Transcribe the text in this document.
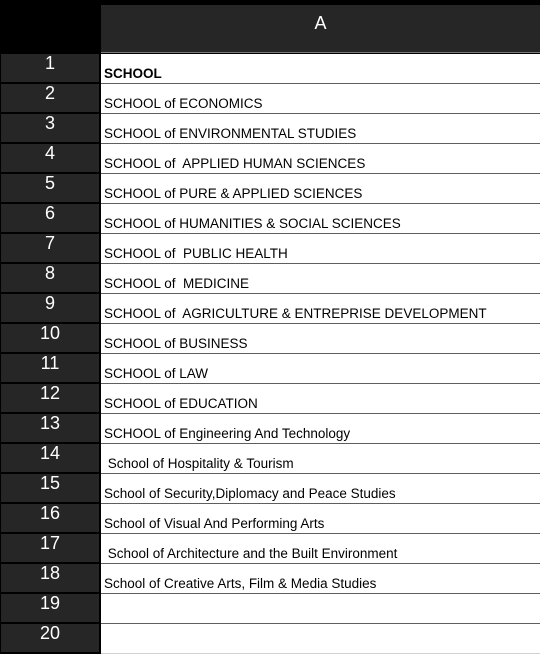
A
1
SCHOOL
2
SCHOOL of ECONOMICS
3
SCHOOL of ENVIRONMENTAL STUDIES
4
SCHOOL of  APPLIED HUMAN SCIENCES
5
SCHOOL of PURE & APPLIED SCIENCES
6
SCHOOL of HUMANITIES & SOCIAL SCIENCES
7
SCHOOL of  PUBLIC HEALTH
8
SCHOOL of  MEDICINE
9
SCHOOL of  AGRICULTURE & ENTREPRISE DEVELOPMENT
10
SCHOOL of BUSINESS
11
SCHOOL of LAW
12
SCHOOL of EDUCATION
13
SCHOOL of Engineering And Technology
14
School of Hospitality & Tourism
15
School of Security,Diplomacy and Peace Studies
16
School of Visual And Performing Arts
17
School of Architecture and the Built Environment
18
School of Creative Arts, Film & Media Studies
19
20
